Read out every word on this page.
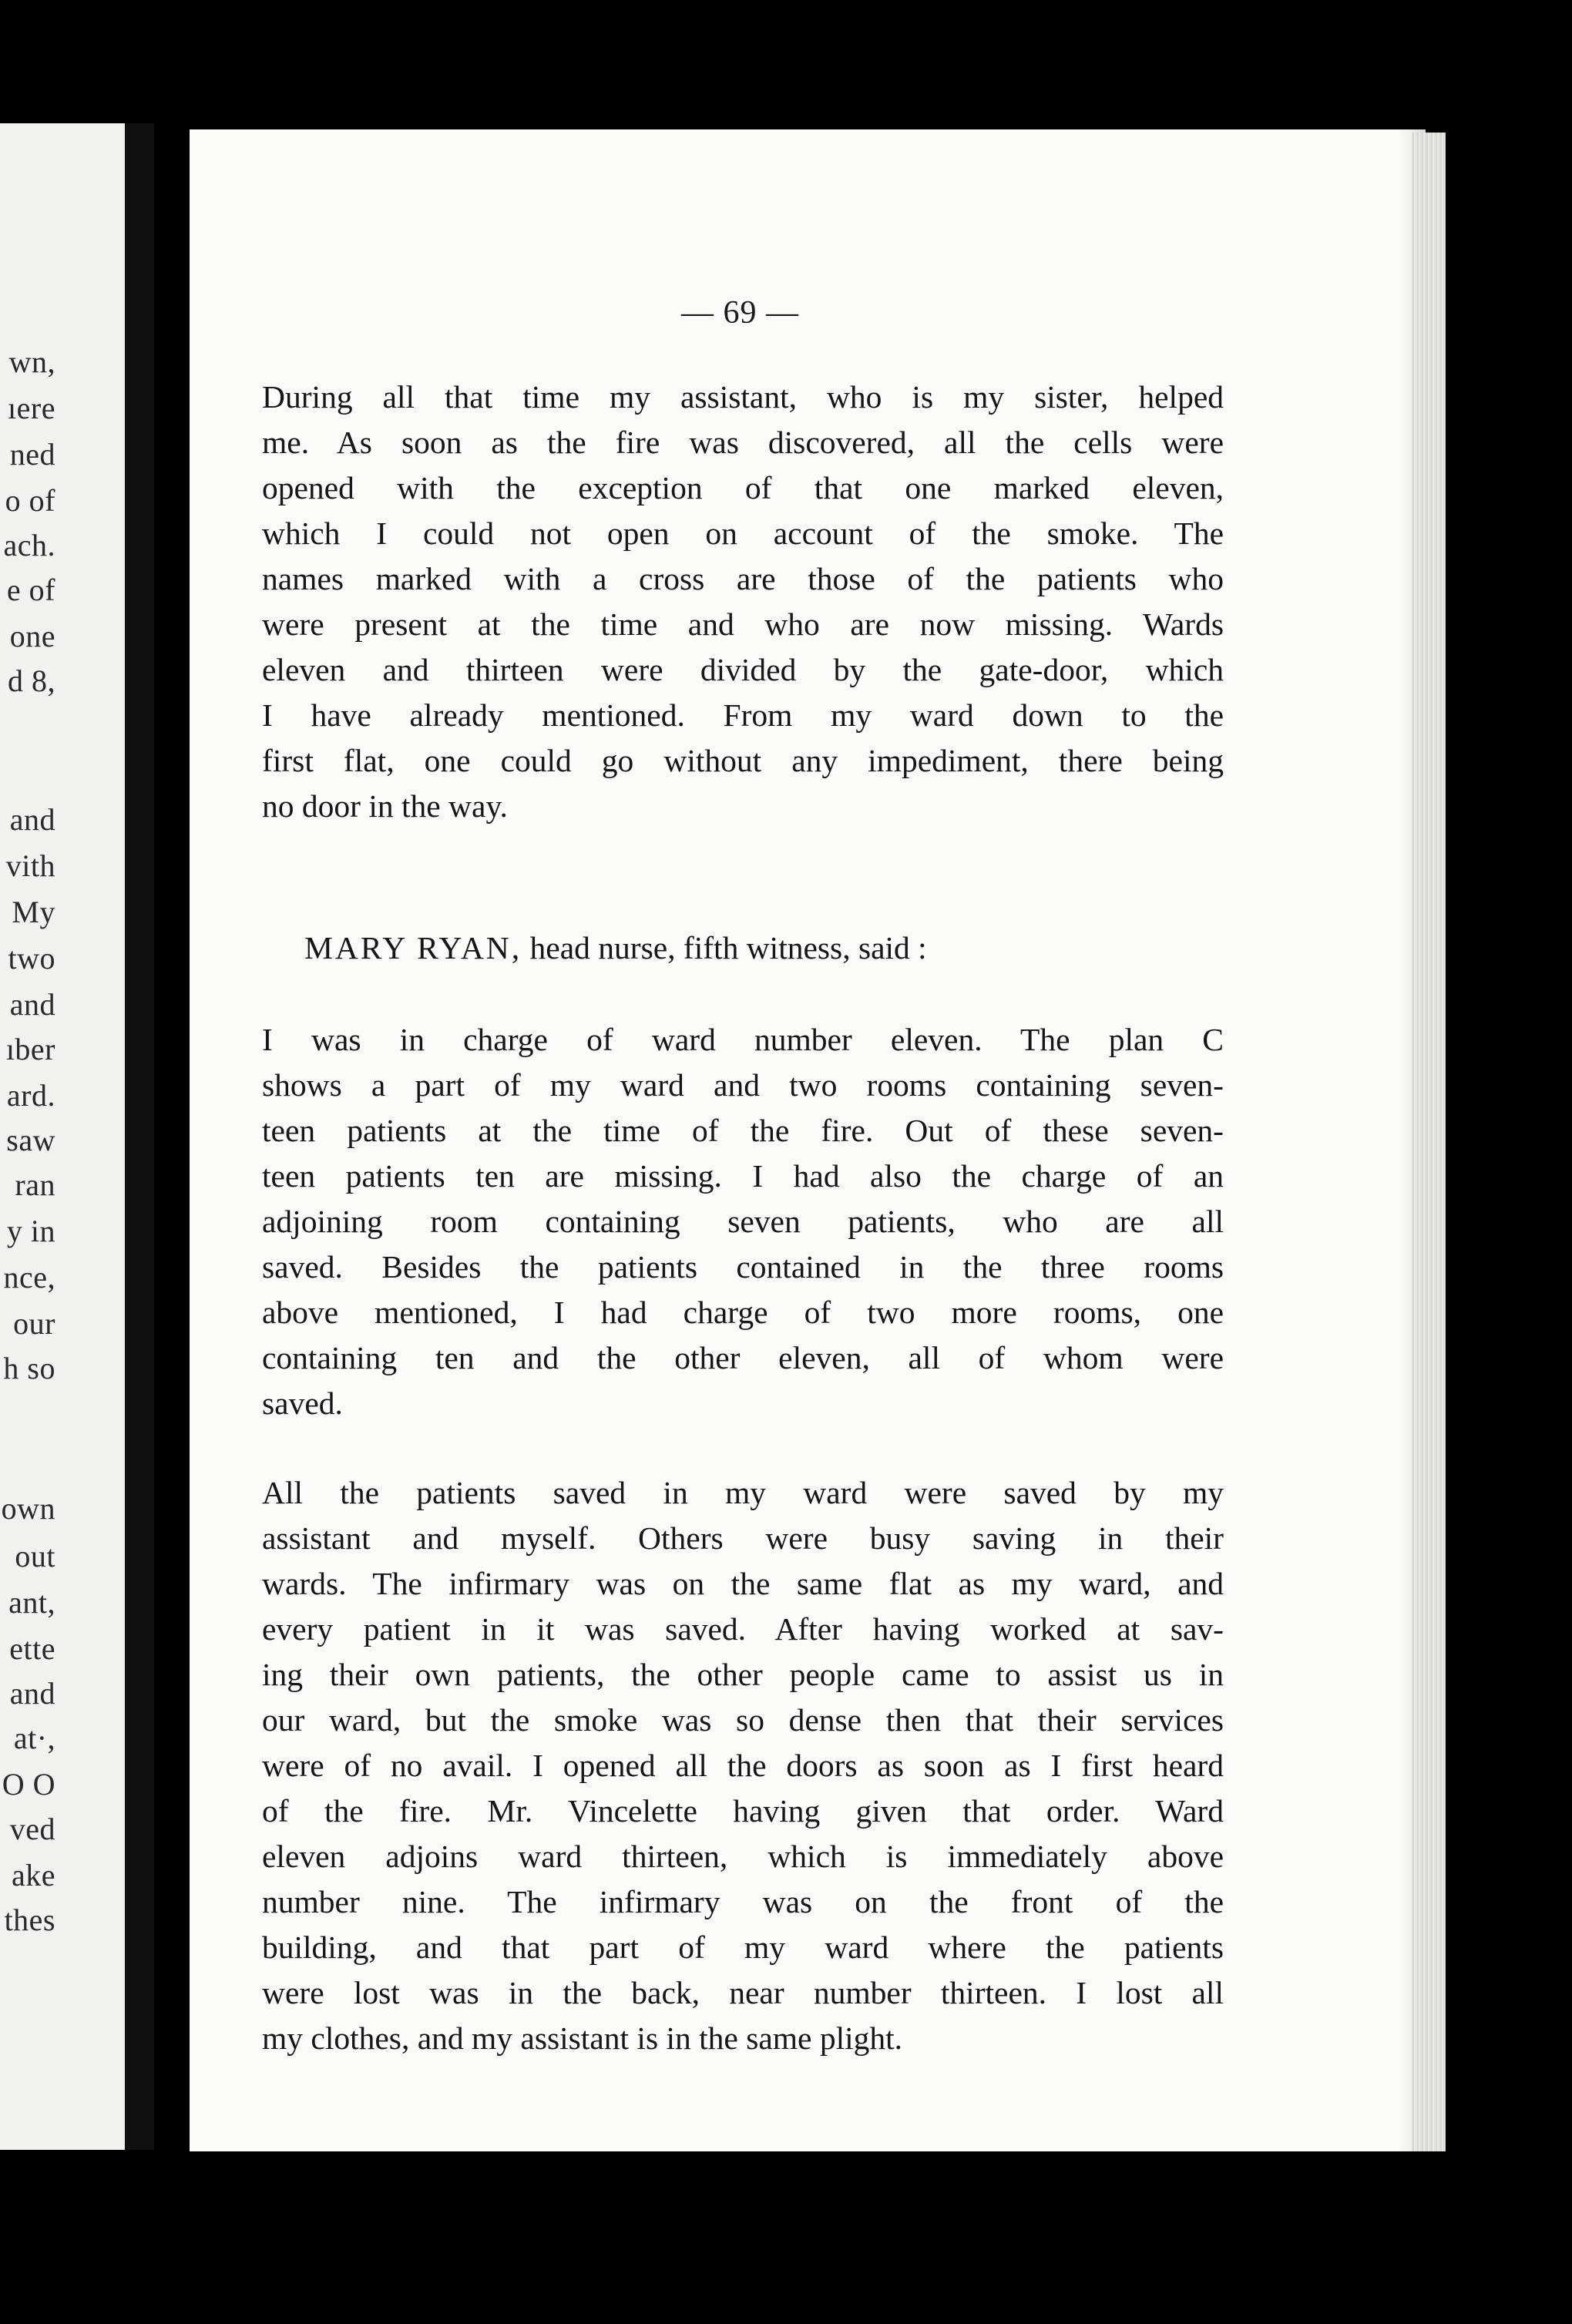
wn,
ıere
ned
o of
ach.
e of
one
d 8,
and
vith
My
two
and
ıber
ard.
saw
ran
y in
nce,
our
h so
own
out
ant,
ette
and
at·,
O O
ved
ake
thes
— 69 —
During all that time my assistant, who is my sister, helped
me. As soon as the fire was discovered, all the cells were
opened with the exception of that one marked eleven,
which I could not open on account of the smoke. The
names marked with a cross are those of the patients who
were present at the time and who are now missing. Wards
eleven and thirteen were divided by the gate-door, which
I have already mentioned. From my ward down to the
first flat, one could go without any impediment, there being
no door in the way.
MARY RYAN, head nurse, fifth witness, said :
I was in charge of ward number eleven. The plan C
shows a part of my ward and two rooms containing seven-
teen patients at the time of the fire. Out of these seven-
teen patients ten are missing. I had also the charge of an
adjoining room containing seven patients, who are all
saved. Besides the patients contained in the three rooms
above mentioned, I had charge of two more rooms, one
containing ten and the other eleven, all of whom were
saved.
All the patients saved in my ward were saved by my
assistant and myself. Others were busy saving in their
wards. The infirmary was on the same flat as my ward, and
every patient in it was saved. After having worked at sav-
ing their own patients, the other people came to assist us in
our ward, but the smoke was so dense then that their services
were of no avail. I opened all the doors as soon as I first heard
of the fire. Mr. Vincelette having given that order. Ward
eleven adjoins ward thirteen, which is immediately above
number nine. The infirmary was on the front of the
building, and that part of my ward where the patients
were lost was in the back, near number thirteen. I lost all
my clothes, and my assistant is in the same plight.
